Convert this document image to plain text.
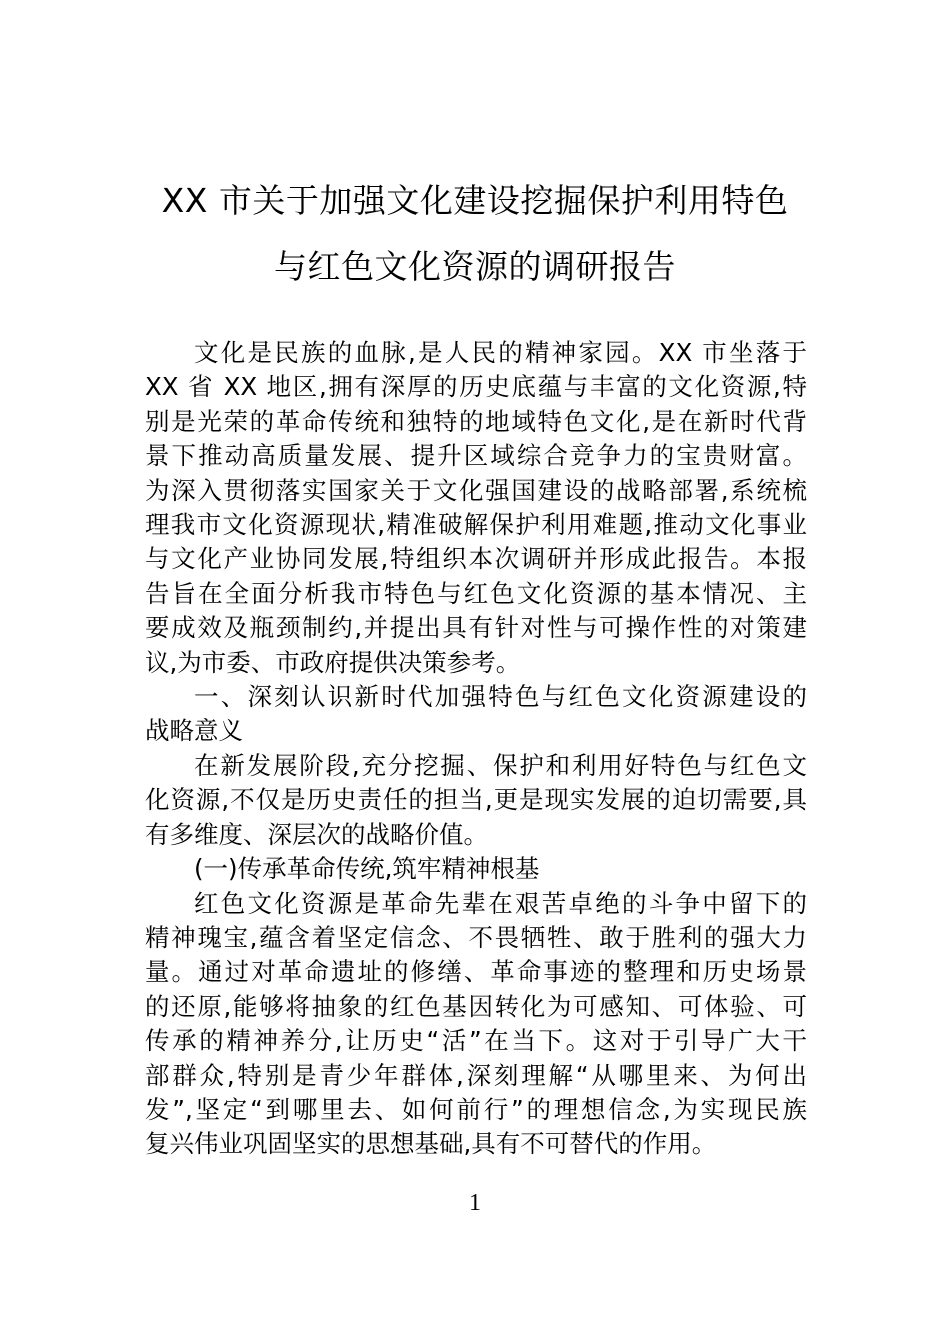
XX 市关于加强文化建设挖掘保护利用特色
与红色文化资源的调研报告

文化是民族的血脉,是人民的精神家园。XX 市坐落于
XX 省 XX 地区,拥有深厚的历史底蕴与丰富的文化资源,特
别是光荣的革命传统和独特的地域特色文化,是在新时代背
景下推动高质量发展、提升区域综合竞争力的宝贵财富。
为深入贯彻落实国家关于文化强国建设的战略部署,系统梳
理我市文化资源现状,精准破解保护利用难题,推动文化事业
与文化产业协同发展,特组织本次调研并形成此报告。本报
告旨在全面分析我市特色与红色文化资源的基本情况、主
要成效及瓶颈制约,并提出具有针对性与可操作性的对策建
议,为市委、市政府提供决策参考。

一、深刻认识新时代加强特色与红色文化资源建设的
战略意义

在新发展阶段,充分挖掘、保护和利用好特色与红色文
化资源,不仅是历史责任的担当,更是现实发展的迫切需要,具
有多维度、深层次的战略价值。

(一)传承革命传统,筑牢精神根基

红色文化资源是革命先辈在艰苦卓绝的斗争中留下的
精神瑰宝,蕴含着坚定信念、不畏牺牲、敢于胜利的强大力
量。通过对革命遗址的修缮、革命事迹的整理和历史场景
的还原,能够将抽象的红色基因转化为可感知、可体验、可
传承的精神养分,让历史“活”在当下。这对于引导广大干
部群众,特别是青少年群体,深刻理解“从哪里来、为何出
发”,坚定“到哪里去、如何前行”的理想信念,为实现民族
复兴伟业巩固坚实的思想基础,具有不可替代的作用。

1
